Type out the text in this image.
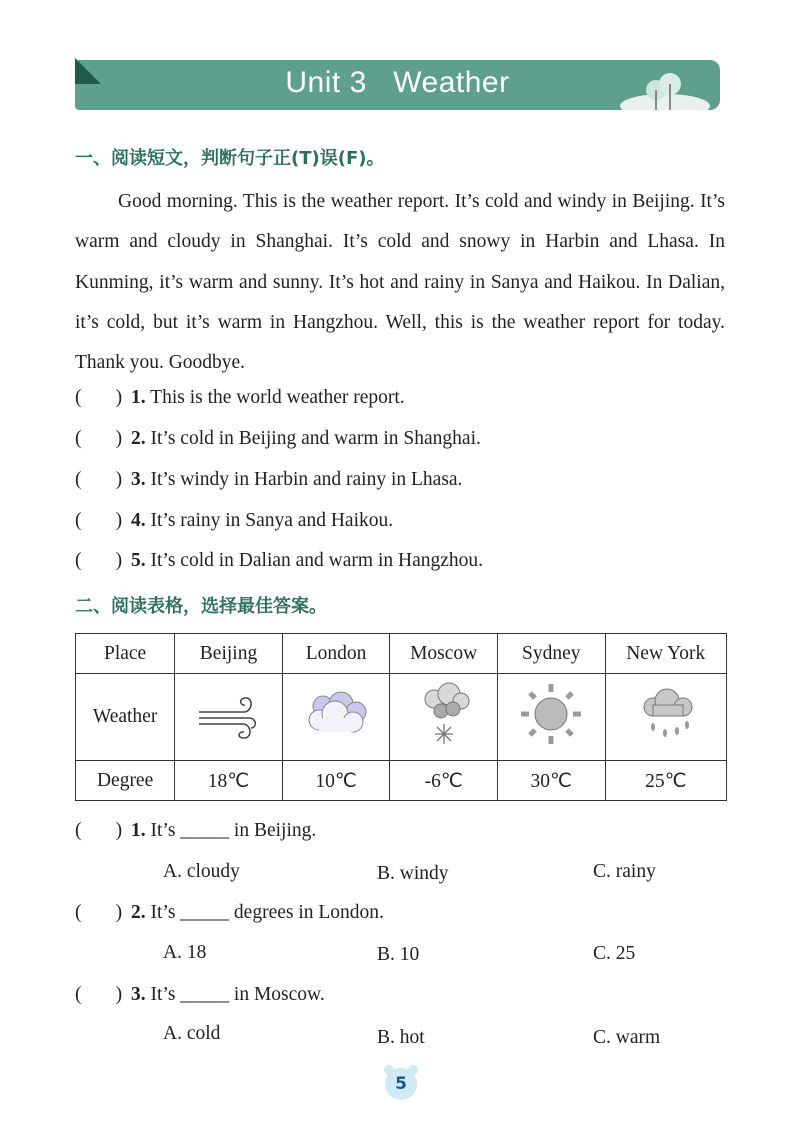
Unit 3   Weather
一、阅读短文，判断句子正(T)误(F)。
Good morning. This is the weather report. It’s cold and windy in Beijing. It’s warm and cloudy in Shanghai. It’s cold and snowy in Harbin and Lhasa. In Kunming, it’s warm and sunny. It’s hot and rainy in Sanya and Haikou. In Dalian, it’s cold, but it’s warm in Hangzhou. Well, this is the weather report for today. Thank you. Goodbye.
(       ) 1. This is the world weather report.
(       ) 2. It’s cold in Beijing and warm in Shanghai.
(       ) 3. It’s windy in Harbin and rainy in Lhasa.
(       ) 4. It’s rainy in Sanya and Haikou.
(       ) 5. It’s cold in Dalian and warm in Hangzhou.
二、阅读表格，选择最佳答案。
Place	Beijing	London	Moscow	Sydney	New York
Weather					
Degree	18℃	10℃	-6℃	30℃	25℃
(       ) 1. It’s _____ in Beijing.
A. cloudy	B. windy	C. rainy
(       ) 2. It’s _____ degrees in London.
A. 18	B. 10	C. 25
(       ) 3. It’s _____ in Moscow.
A. cold	B. hot	C. warm
5
